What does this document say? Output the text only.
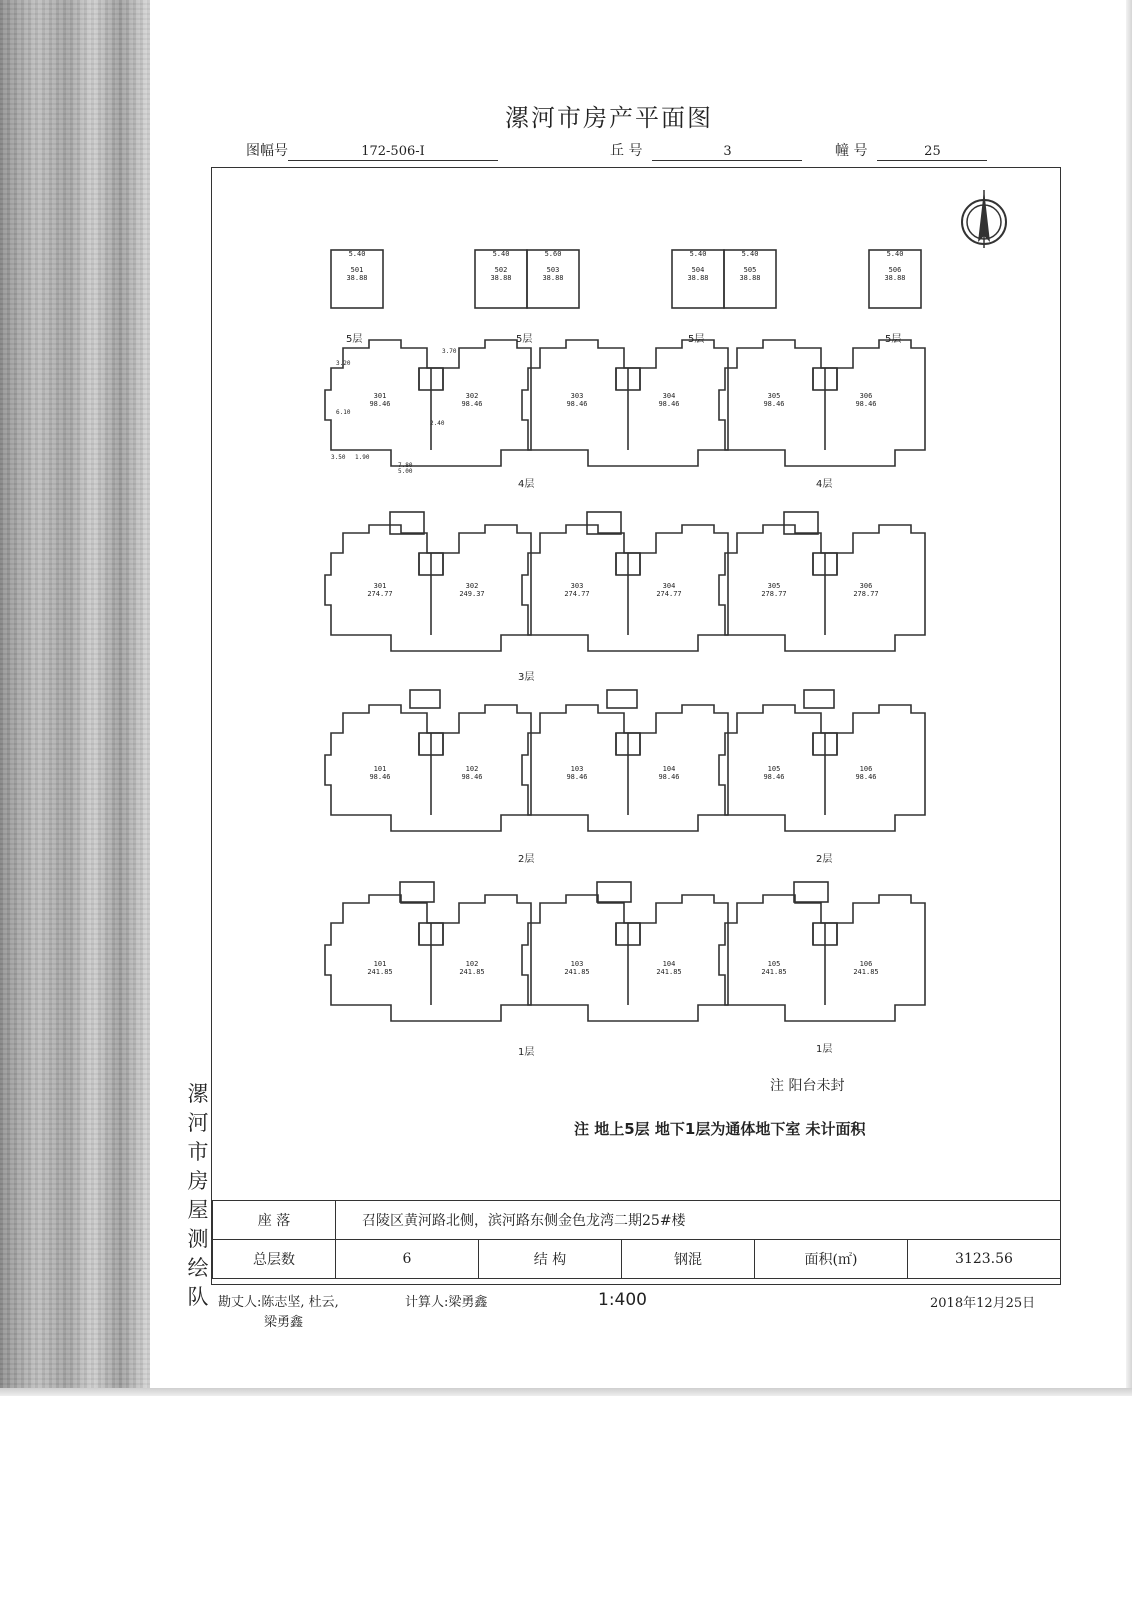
漯河市房产平面图
图幅号	172-506-I	丘 号	3	幢 号	25
5.40
501
38.88
5.40
502
38.88
5.60
503
38.88
5.40
504
38.88
5.40
505
38.88
5.40
506
38.88
5层	5层	5层	5层
301
98.46
302
98.46
303
98.46
304
98.46
305
98.46
306
98.46
4层	4层
301
274.77
302
249.37
303
274.77
304
274.77
305
278.77
306
278.77
3层
101
98.46
102
98.46
103
98.46
104
98.46
105
98.46
106
98.46
2层	2层
101
241.85
102
241.85
103
241.85
104
241.85
105
241.85
106
241.85
1层	1层
3.50 1.90
5.00
3.20
6.10
2.40
3.70
7.80
注 阳台未封
注 地上5层 地下1层为通体地下室 未计面积
漯河市房屋测绘队
座 落	召陵区黄河路北侧，滨河路东侧金色龙湾二期25#楼				
总层数	6	结 构	钢混	面积(㎡)	3123.56
勘丈人:陈志坚, 杜云,
梁勇鑫
计算人:梁勇鑫	1:400	2018年12月25日
